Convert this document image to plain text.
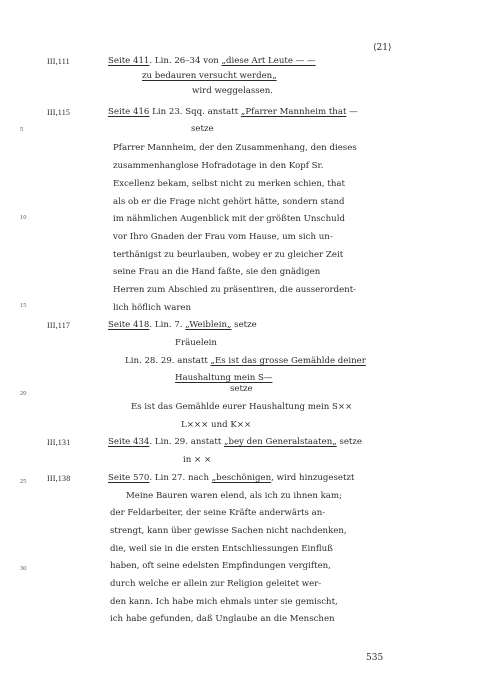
⟨21⟩
5
10
15
20
25
30
III,111	Seite 411. Lin. 26–34 von „diese Art Leute — —
zu bedauren versucht werden„
wird weggelassen.
III,115	Seite 416 Lin 23. Sqq. anstatt „Pfarrer Mannheim that —
setze
Pfarrer Mannheim, der den Zusammenhang, den dieses
zusammenhanglose Hofradotage in den Kopf Sr.
Excellenz bekam, selbst nicht zu merken schien, that
als ob er die Frage nicht gehört hätte, sondern stand
im nähmlichen Augenblick mit der größten Unschuld
vor Ihro Gnaden der Frau vom Hause, um sich un-
terthänigst zu beurlauben, wobey er zu gleicher Zeit
seine Frau an die Hand faßte, sie den gnädigen
Herren zum Abschied zu präsentiren, die ausserordent-
lich höflich waren
III,117	Seite 418. Lin. 7. „Weiblein„ setze
Fräuelein
Lin. 28. 29. anstatt „Es ist das grosse Gemählde deiner
Haushaltung mein S—
setze
Es ist das Gemählde eurer Haushaltung mein S××
L××× und K××
III,131	Seite 434. Lin. 29. anstatt „bey den Generalstaaten„ setze
in × ×
III,138	Seite 570. Lin 27. nach „beschönigen, wird hinzugesetzt
Meine Bauren waren elend, als ich zu ihnen kam;
der Feldarbeiter, der seine Kräfte anderwärts an-
strengt, kann über gewisse Sachen nicht nachdenken,
die, weil sie in die ersten Entschliessungen Einfluß
haben, oft seine edelsten Empfindungen vergiften,
durch welche er allein zur Religion geleitet wer-
den kann. Ich habe mich ehmals unter sie gemischt,
ich habe gefunden, daß Unglaube an die Menschen
535
